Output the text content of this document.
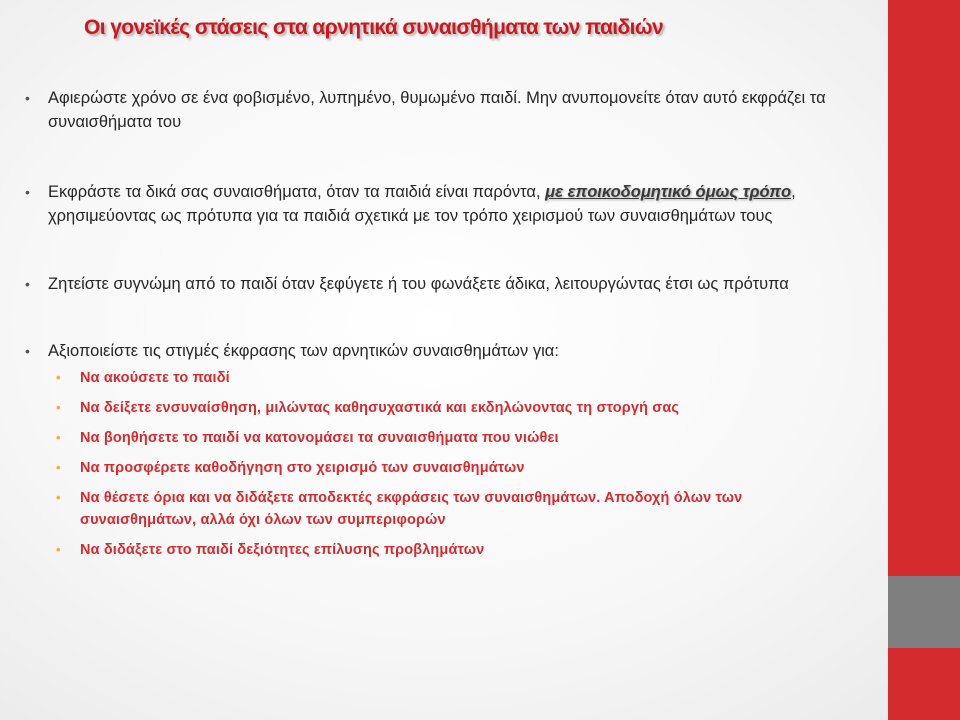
Οι γονεϊκές στάσεις στα αρνητικά συναισθήματα των παιδιών
• Αφιερώστε χρόνο σε ένα φοβισμένο, λυπημένο, θυμωμένο παιδί. Μην ανυπομονείτε όταν αυτό εκφράζει τα συναισθήματα του
• Εκφράστε τα δικά σας συναισθήματα, όταν τα παιδιά είναι παρόντα, με εποικοδομητικό όμως τρόπο, χρησιμεύοντας ως πρότυπα για τα παιδιά σχετικά με τον τρόπο χειρισμού των συναισθημάτων τους
• Ζητείστε συγνώμη από το παιδί όταν ξεφύγετε ή του φωνάξετε άδικα, λειτουργώντας έτσι ως πρότυπα
• Αξιοποιείστε τις στιγμές έκφρασης των αρνητικών συναισθημάτων για:
• Να ακούσετε το παιδί
• Να δείξετε ενσυναίσθηση, μιλώντας καθησυχαστικά και εκδηλώνοντας τη στοργή σας
• Να βοηθήσετε το παιδί να κατονομάσει τα συναισθήματα που νιώθει
• Να προσφέρετε καθοδήγηση στο χειρισμό των συναισθημάτων
• Να θέσετε όρια και να διδάξετε αποδεκτές εκφράσεις των συναισθημάτων. Αποδοχή όλων των συναισθημάτων, αλλά όχι όλων των συμπεριφορών
• Να διδάξετε στο παιδί δεξιότητες επίλυσης προβλημάτων
